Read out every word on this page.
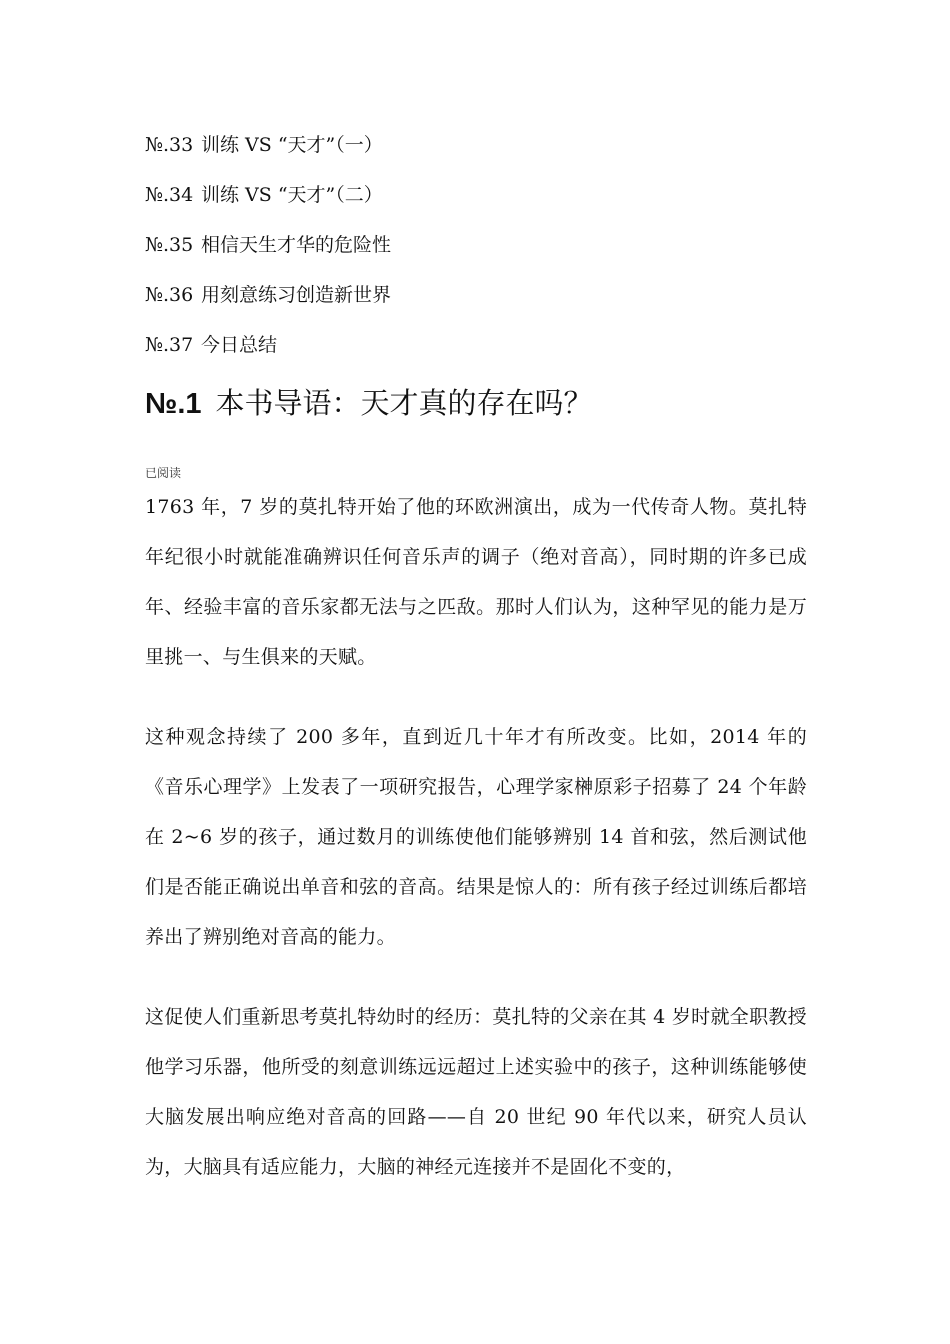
№.33 训练 VS “天才”（一）
№.34 训练 VS “天才”（二）
№.35 相信天生才华的危险性
№.36 用刻意练习创造新世界
№.37 今日总结
№.1 本书导语：天才真的存在吗？
已阅读

1763 年，7 岁的莫扎特开始了他的环欧洲演出，成为一代传奇人物。莫扎特年纪很小时就能准确辨识任何音乐声的调子（绝对音高），同时期的许多已成年、经验丰富的音乐家都无法与之匹敌。那时人们认为，这种罕见的能力是万里挑一、与生俱来的天赋。

这种观念持续了 200 多年，直到近几十年才有所改变。比如，2014 年的《音乐心理学》上发表了一项研究报告，心理学家榊原彩子招募了 24 个年龄在 2~6 岁的孩子，通过数月的训练使他们能够辨别 14 首和弦，然后测试他们是否能正确说出单音和弦的音高。结果是惊人的：所有孩子经过训练后都培养出了辨别绝对音高的能力。

这促使人们重新思考莫扎特幼时的经历：莫扎特的父亲在其 4 岁时就全职教授他学习乐器，他所受的刻意训练远远超过上述实验中的孩子，这种训练能够使大脑发展出响应绝对音高的回路——自 20 世纪 90 年代以来，研究人员认为，大脑具有适应能力，大脑的神经元连接并不是固化不变的，
